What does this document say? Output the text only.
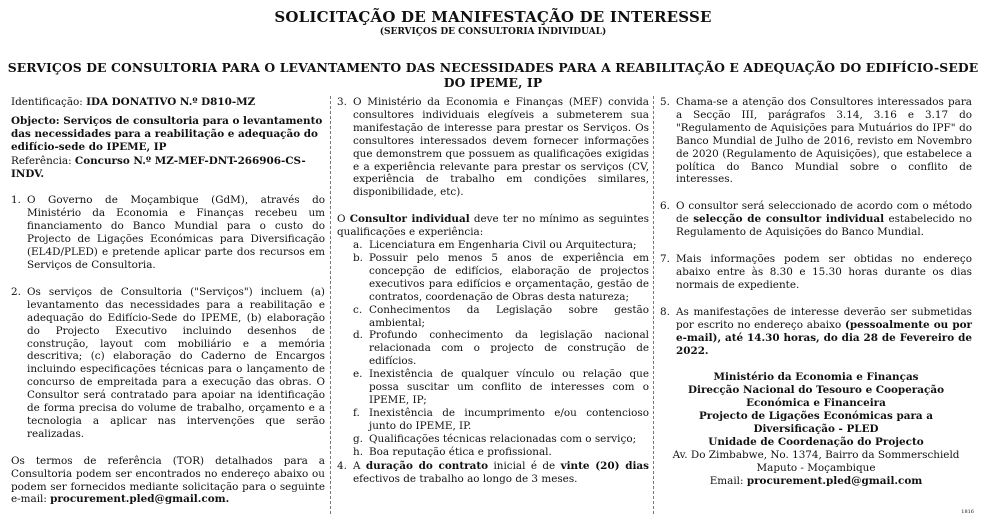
SOLICITAÇÃO DE MANIFESTAÇÃO DE INTERESSE
(SERVIÇOS DE CONSULTORIA INDIVIDUAL)
SERVIÇOS DE CONSULTORIA PARA O LEVANTAMENTO DAS NECESSIDADES PARA A REABILITAÇÃO E ADEQUAÇÃO DO EDIFÍCIO-SEDE DO IPEME, IP

Identificação: IDA DONATIVO N.º D810-MZ

Objecto: Serviços de consultoria para o levantamento das necessidades para a reabilitação e adequação do edifício-sede do IPEME, IP

Referência: Concurso N.º MZ-MEF-DNT-266906-CS-INDV.

1. O Governo de Moçambique (GdM), através do Ministério da Economia e Finanças recebeu um financiamento do Banco Mundial para o custo do Projecto de Ligações Económicas para Diversificação (EL4D/PLED) e pretende aplicar parte dos recursos em Serviços de Consultoria.
2. Os serviços de Consultoria ("Serviços") incluem (a) levantamento das necessidades para a reabilitação e adequação do Edifício-Sede do IPEME, (b) elaboração do Projecto Executivo incluindo desenhos de construção, layout com mobiliário e a memória descritiva; (c) elaboração do Caderno de Encargos incluindo especificações técnicas para o lançamento de concurso de empreitada para a execução das obras. O Consultor será contratado para apoiar na identificação de forma precisa do volume de trabalho, orçamento e a tecnologia a aplicar nas intervenções que serão realizadas.

Os termos de referência (TOR) detalhados para a Consultoria podem ser encontrados no endereço abaixo ou podem ser fornecidos mediante solicitação para o seguinte e-mail: procurement.pled@gmail.com.

3. O Ministério da Economia e Finanças (MEF) convida consultores individuais elegíveis a submeterem sua manifestação de interesse para prestar os Serviços. Os consultores interessados devem fornecer informações que demonstrem que possuem as qualificações exigidas e a experiência relevante para prestar os serviços (CV, experiência de trabalho em condições similares, disponibilidade, etc).

O Consultor individual deve ter no mínimo as seguintes qualificações e experiência:

a. Licenciatura em Engenharia Civil ou Arquitectura;
b. Possuir pelo menos 5 anos de experiência em concepção de edifícios, elaboração de projectos executivos para edifícios e orçamentação, gestão de contratos, coordenação de Obras desta natureza;
c. Conhecimentos da Legislação sobre gestão ambiental;
d. Profundo conhecimento da legislação nacional relacionada com o projecto de construção de edifícios.
e. Inexistência de qualquer vínculo ou relação que possa suscitar um conflito de interesses com o IPEME, IP;
f. Inexistência de incumprimento e/ou contencioso junto do IPEME, IP.
g. Qualificações técnicas relacionadas com o serviço;
h. Boa reputação ética e profissional.
4. A duração do contrato inicial é de vinte (20) dias efectivos de trabalho ao longo de 3 meses.
5. Chama-se a atenção dos Consultores interessados para a Secção III, parágrafos 3.14, 3.16 e 3.17 do "Regulamento de Aquisições para Mutuários do IPF" do Banco Mundial de Julho de 2016, revisto em Novembro de 2020 (Regulamento de Aquisições), que estabelece a política do Banco Mundial sobre o conflito de interesses.
6. O consultor será seleccionado de acordo com o método de selecção de consultor individual estabelecido no Regulamento de Aquisições do Banco Mundial.
7. Mais informações podem ser obtidas no endereço abaixo entre às 8.30 e 15.30 horas durante os dias normais de expediente.
8. As manifestações de interesse deverão ser submetidas por escrito no endereço abaixo (pessoalmente ou por e-mail), até 14.30 horas, do dia 28 de Fevereiro de 2022.

Ministério da Economia e Finanças

Direcção Nacional do Tesouro e Cooperação Económica e Financeira

Projecto de Ligações Económicas para a Diversificação - PLED

Unidade de Coordenação do Projecto

Av. Do Zimbabwe, No. 1374, Bairro da Sommerschield

Maputo - Moçambique

Email: procurement.pled@gmail.com

1816
